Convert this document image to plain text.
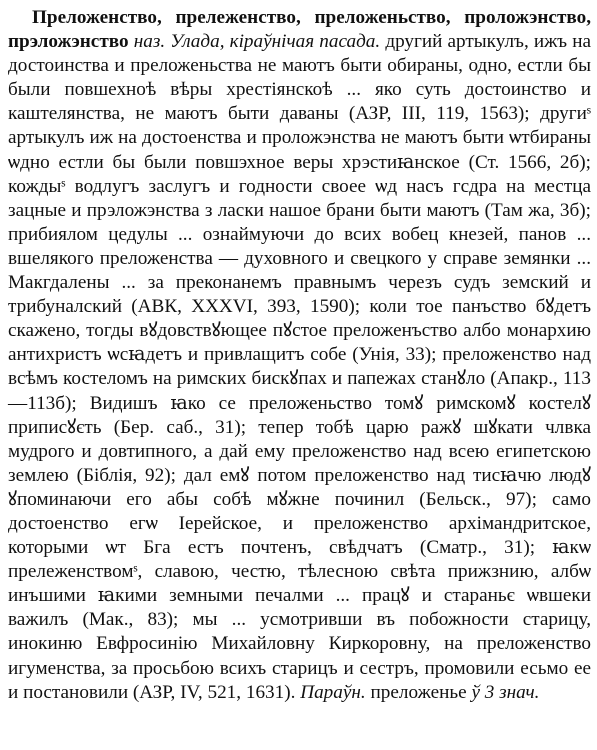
Преложенство, прележенство, преложеньство, проложэнство, прэложэнство наз. Улада, кіраўнічая пасада. другий артыкулъ, ижъ на достоинства и преложеньства не маютъ быти обираны, одно, естли бы были повшехноѣ вѣры хрестіянскоѣ ... яко суть достоинство и каштелянства, не маютъ быти даваны (АЗР, III, 119, 1563); другиˢ артыкулъ иж на достоенства и проложэнства не маютъ быти ѡтбираны ѡдно естли бы были повшэхное веры хрэстиꙗнское (Ст. 1566, 2б); кождыˢ водлугъ заслугъ и годности своее ѡд насъ гсдра на местца зацные и прэложэнства з ласки нашое брани быти маютъ (Там жа, 3б); прибиялом цедулы ... ознаймуючи до всих вобец кнезей, панов ... вшелякого преложенства — духовного и свецкого у справе земянки ... Макгдалены ... за преконанемъ правнымъ черезъ судъ земский и трибуналский (АВК, XXXVI, 393, 1590); коли тое панъство бꙋдетъ скажено, тогды вꙋдовствꙋющее пꙋстое преложенъство албо монархию антихристъ ѡсꙗдетъ и привлащитъ собе (Унія, 33); преложенство над всѣмъ костеломъ на римских бискꙋпах и папежах станꙋло (Апакр., 113—113б); Видишъ ꙗко се преложеньство томꙋ римскомꙋ костелꙋ приписꙋєть (Бер. саб., 31); тепер тобѣ царю ражꙋ шꙋкати члвка мудрого и довтипного, а дай ему преложенство над всею египетскою землею (Біблія, 92); дал емꙋ потом преложенство над тисꙗчю людꙋ ꙋпоминаючи его абы собѣ мꙋжне починил (Бельск., 97); само достоенство егѡ Іерейское, и преложенство архімандритское, которыми ѡт Бга естъ почтенъ, свѣдчатъ (Сматр., 31); ꙗкѡ прележенствомˢ, славою, честю, тѣлесною свѣта прижзнию, албѡ инъшими ꙗкими земными печалми ... працꙋ и стараньє ѡвшеки важилъ (Мак., 83); мы ... усмотривши въ побожности старицу, инокиню Евфросинію Михайловну Киркоровну, на преложенство игуменства, за просьбою всихъ старицъ и сестръ, промовили есьмо ее и постановили (АЗР, IV, 521, 1631). Параўн. преложенье ў 3 знач.
